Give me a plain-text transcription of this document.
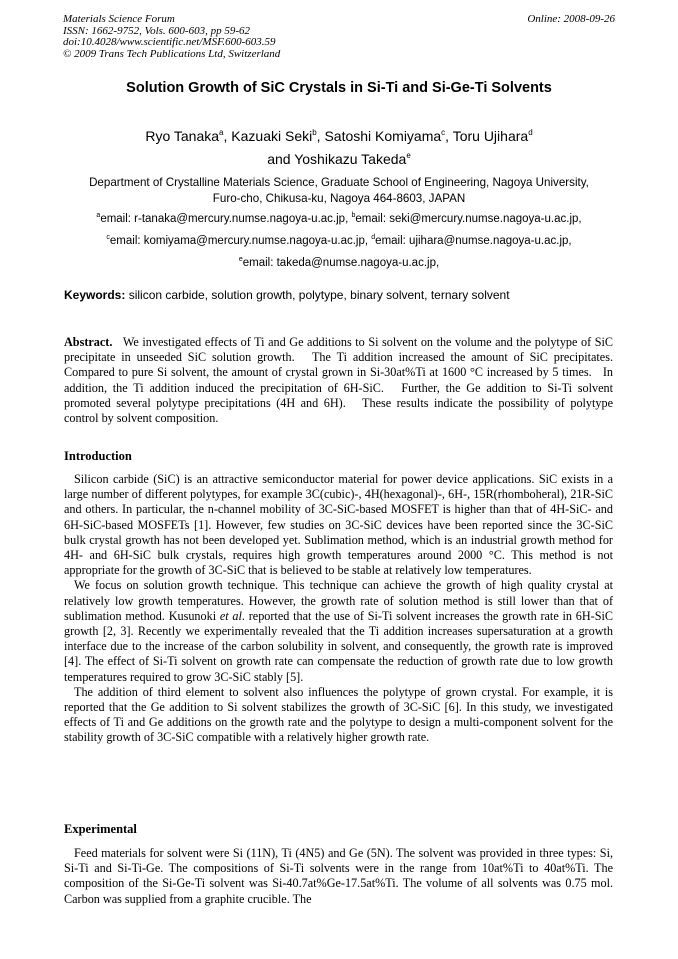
Materials Science Forum
ISSN: 1662-9752, Vols. 600-603, pp 59-62
doi:10.4028/www.scientific.net/MSF.600-603.59
© 2009 Trans Tech Publications Ltd, Switzerland
Online: 2008-09-26
Solution Growth of SiC Crystals in Si-Ti and Si-Ge-Ti Solvents
Ryo Tanaka$^a$, Kazuaki Seki$^b$, Satoshi Komiyama$^c$, Toru Ujihara$^d$
and Yoshikazu Takeda$^e$
Department of Crystalline Materials Science, Graduate School of Engineering, Nagoya University,
Furo-cho, Chikusa-ku, Nagoya 464-8603, JAPAN
$^a$email: r-tanaka@mercury.numse.nagoya-u.ac.jp, $^b$email: seki@mercury.numse.nagoya-u.ac.jp,
$^c$email: komiyama@mercury.numse.nagoya-u.ac.jp, $^d$email: ujihara@numse.nagoya-u.ac.jp,
$^e$email: takeda@numse.nagoya-u.ac.jp,
Keywords: silicon carbide, solution growth, polytype, binary solvent, ternary solvent

Abstract.   We investigated effects of Ti and Ge additions to Si solvent on the volume and the polytype of SiC precipitate in unseeded SiC solution growth.   The Ti addition increased the amount of SiC precipitates.   Compared to pure Si solvent, the amount of crystal grown in Si-30at%Ti at 1600 °C increased by 5 times.   In addition, the Ti addition induced the precipitation of 6H-SiC.   Further, the Ge addition to Si-Ti solvent promoted several polytype precipitations (4H and 6H).   These results indicate the possibility of polytype control by solvent composition.

Introduction

Silicon carbide (SiC) is an attractive semiconductor material for power device applications. SiC exists in a large number of different polytypes, for example 3C(cubic)-, 4H(hexagonal)-, 6H-, 15R(rhomboheral), 21R-SiC and others. In particular, the n-channel mobility of 3C-SiC-based MOSFET is higher than that of 4H-SiC- and 6H-SiC-based MOSFETs [1]. However, few studies on 3C-SiC devices have been reported since the 3C-SiC bulk crystal growth has not been developed yet. Sublimation method, which is an industrial growth method for 4H- and 6H-SiC bulk crystals, requires high growth temperatures around 2000 °C. This method is not appropriate for the growth of 3C-SiC that is believed to be stable at relatively low temperatures.

We focus on solution growth technique. This technique can achieve the growth of high quality crystal at relatively low growth temperatures. However, the growth rate of solution method is still lower than that of sublimation method. Kusunoki et al. reported that the use of Si-Ti solvent increases the growth rate in 6H-SiC growth [2, 3]. Recently we experimentally revealed that the Ti addition increases supersaturation at a growth interface due to the increase of the carbon solubility in solvent, and consequently, the growth rate is improved [4]. The effect of Si-Ti solvent on growth rate can compensate the reduction of growth rate due to low growth temperatures required to grow 3C-SiC stably [5].

The addition of third element to solvent also influences the polytype of grown crystal. For example, it is reported that the Ge addition to Si solvent stabilizes the growth of 3C-SiC [6]. In this study, we investigated effects of Ti and Ge additions on the growth rate and the polytype to design a multi-component solvent for the stability growth of 3C-SiC compatible with a relatively higher growth rate.

Experimental

Feed materials for solvent were Si (11N), Ti (4N5) and Ge (5N). The solvent was provided in three types: Si, Si-Ti and Si-Ti-Ge. The compositions of Si-Ti solvents were in the range from 10at%Ti to 40at%Ti. The composition of the Si-Ge-Ti solvent was Si-40.7at%Ge-17.5at%Ti. The volume of all solvents was 0.75 mol. Carbon was supplied from a graphite crucible. The
